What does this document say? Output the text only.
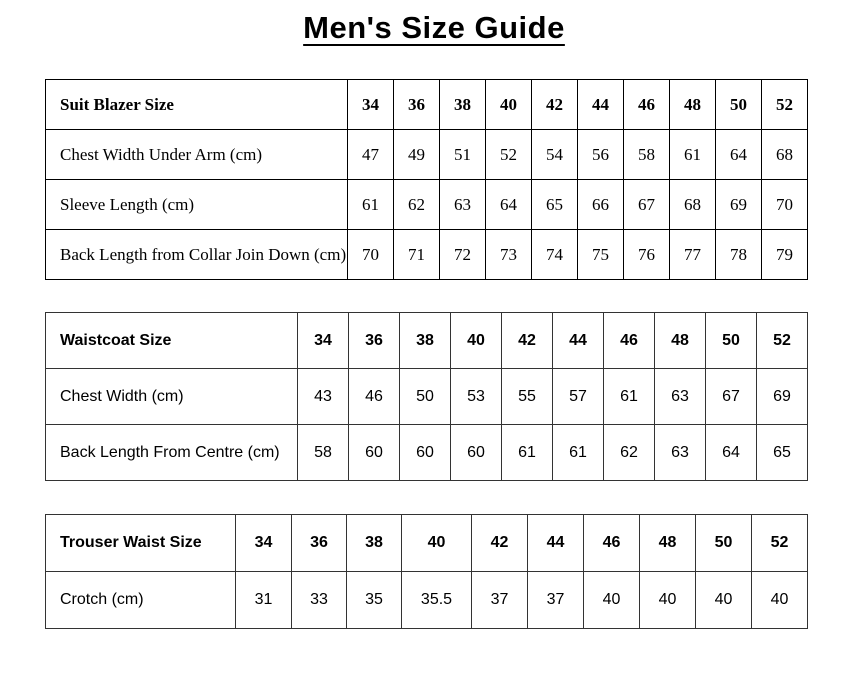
Men's Size Guide
Suit Blazer Size	34	36	38	40	42	44	46	48	50	52
Chest Width Under Arm (cm)	47	49	51	52	54	56	58	61	64	68
Sleeve Length (cm)	61	62	63	64	65	66	67	68	69	70
Back Length from Collar Join Down (cm)	70	71	72	73	74	75	76	77	78	79
Waistcoat Size	34	36	38	40	42	44	46	48	50	52
Chest Width (cm)	43	46	50	53	55	57	61	63	67	69
Back Length From Centre (cm)	58	60	60	60	61	61	62	63	64	65
Trouser Waist Size	34	36	38	40	42	44	46	48	50	52
Crotch (cm)	31	33	35	35.5	37	37	40	40	40	40
